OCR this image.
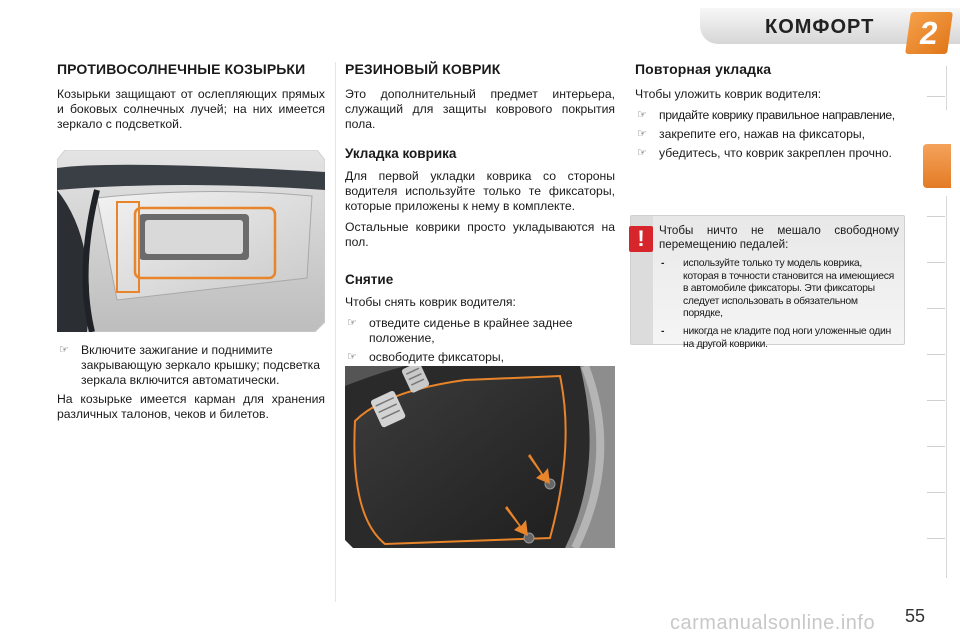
КОМФОРТ	2
ПРОТИВОСОЛНЕЧНЫЕ КОЗЫРЬКИ

Козырьки защищают от ослепляющих прямых и боковых солнечных лучей; на них имеется зеркало с подсветкой.

☞ Включите зажигание и поднимите закрывающую зеркало крышку; подсветка зеркала включится автоматически.

На козырьке имеется карман для хранения различных талонов, чеков и билетов.

РЕЗИНОВЫЙ КОВРИК

Это дополнительный предмет интерьера, служащий для защиты коврового покрытия пола.

Укладка коврика

Для первой укладки коврика со стороны водителя используйте только те фиксаторы, которые приложены к нему в комплекте.

Остальные коврики просто укладываются на пол.

Снятие

Чтобы снять коврик водителя:

☞ отведите сиденье в крайнее заднее положение,
☞ освободите фиксаторы,
Повторная укладка

Чтобы уложить коврик водителя:

☞ придайте коврику правильное направление,
☞ закрепите его, нажав на фиксаторы,
☞ убедитесь, что коврик закреплен прочно.
!	Чтобы ничто не мешало свободному перемещению педалей:

- используйте только ту модель коврика, которая в точности становится на имеющиеся в автомобиле фиксаторы. Эти фиксаторы следует использовать в обязательном порядке,
- никогда не кладите под ноги уложенные один на другой коврики.
carmanualsonline.info 55
